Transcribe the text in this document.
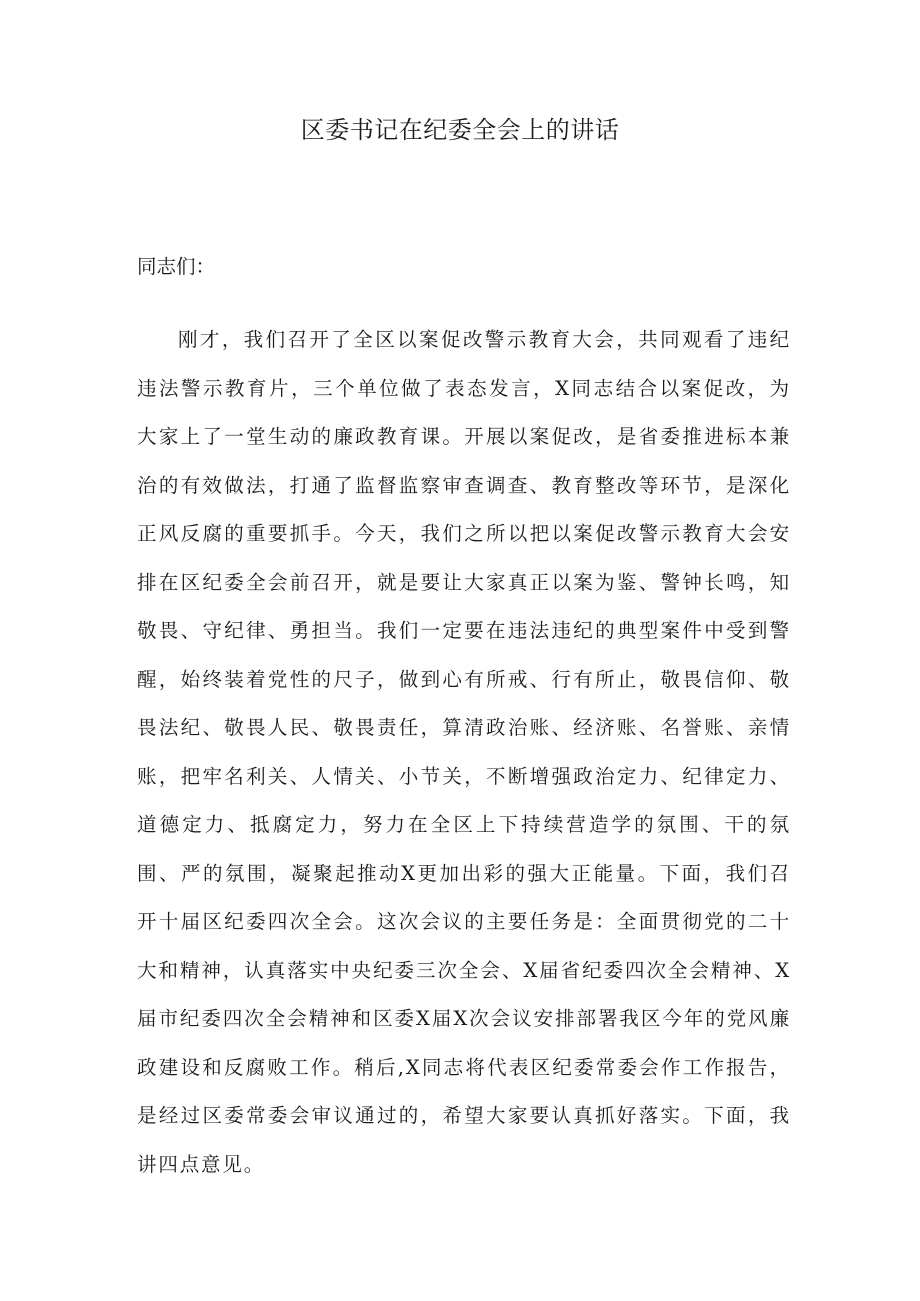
区委书记在纪委全会上的讲话

同志们：

刚才，我们召开了全区以案促改警示教育大会，共同观看了违纪违法警示教育片，三个单位做了表态发言，X同志结合以案促改，为大家上了一堂生动的廉政教育课。开展以案促改，是省委推进标本兼治的有效做法，打通了监督监察审查调查、教育整改等环节，是深化正风反腐的重要抓手。今天，我们之所以把以案促改警示教育大会安排在区纪委全会前召开，就是要让大家真正以案为鉴、警钟长鸣，知敬畏、守纪律、勇担当。我们一定要在违法违纪的典型案件中受到警醒，始终装着党性的尺子，做到心有所戒、行有所止，敬畏信仰、敬畏法纪、敬畏人民、敬畏责任，算清政治账、经济账、名誉账、亲情账，把牢名利关、人情关、小节关，不断增强政治定力、纪律定力、道德定力、抵腐定力，努力在全区上下持续营造学的氛围、干的氛围、严的氛围，凝聚起推动X更加出彩的强大正能量。下面，我们召开十届区纪委四次全会。这次会议的主要任务是：全面贯彻党的二十大和精神，认真落实中央纪委三次全会、X届省纪委四次全会精神、X届市纪委四次全会精神和区委X届X次会议安排部署我区今年的党风廉政建设和反腐败工作。稍后,X同志将代表区纪委常委会作工作报告，是经过区委常委会审议通过的，希望大家要认真抓好落实。下面，我讲四点意见。
